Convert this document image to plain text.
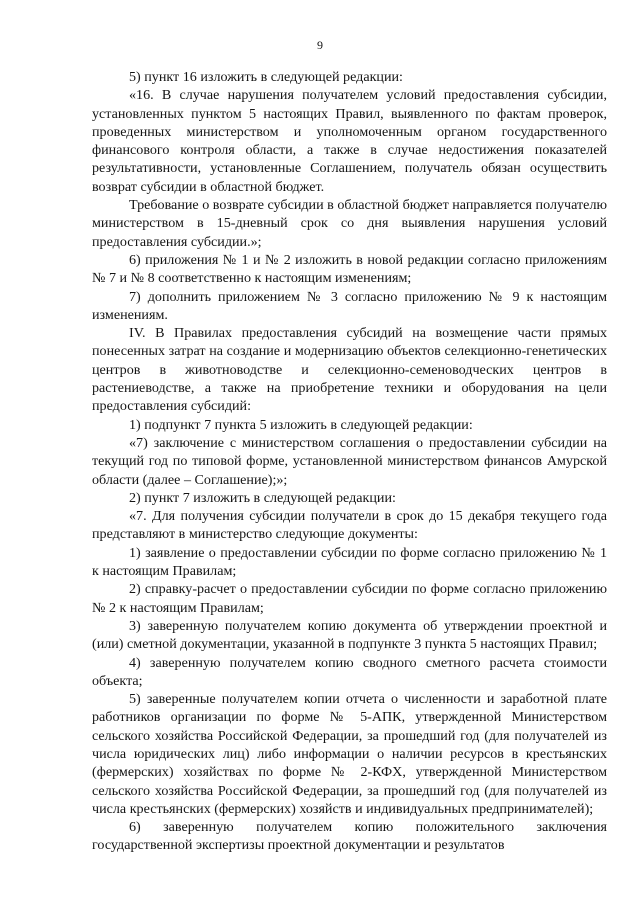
9

5) пункт 16 изложить в следующей редакции:

«16. В случае нарушения получателем условий предоставления субсидии, установленных пунктом 5 настоящих Правил, выявленного по фактам проверок, проведенных министерством и уполномоченным органом государственного финансового контроля области, а также в случае недостижения показателей результативности, установленные Соглашением, получатель обязан осуществить возврат субсидии в областной бюджет.

Требование о возврате субсидии в областной бюджет направляется получателю министерством в 15-дневный срок со дня выявления нарушения условий предоставления субсидии.»;

6) приложения № 1 и № 2 изложить в новой редакции согласно приложениям № 7 и № 8 соответственно к настоящим изменениям;

7) дополнить приложением № 3 согласно приложению № 9 к настоящим изменениям.

IV. В Правилах предоставления субсидий на возмещение части прямых понесенных затрат на создание и модернизацию объектов селекционно-генетических центров в животноводстве и селекционно-семеноводческих центров в растениеводстве, а также на приобретение техники и оборудования на цели предоставления субсидий:

1) подпункт 7 пункта 5 изложить в следующей редакции:

«7) заключение с министерством соглашения о предоставлении субсидии на текущий год по типовой форме, установленной министерством финансов Амурской области (далее – Соглашение);»;

2) пункт 7 изложить в следующей редакции:

«7. Для получения субсидии получатели в срок до 15 декабря текущего года представляют в министерство следующие документы:

1) заявление о предоставлении субсидии по форме согласно приложению № 1 к настоящим Правилам;

2) справку-расчет о предоставлении субсидии по форме согласно приложению № 2 к настоящим Правилам;

3) заверенную получателем копию документа об утверждении проектной и (или) сметной документации, указанной в подпункте 3 пункта 5 настоящих Правил;

4) заверенную получателем копию сводного сметного расчета стоимости объекта;

5) заверенные получателем копии отчета о численности и заработной плате работников организации по форме № 5-АПК, утвержденной Министерством сельского хозяйства Российской Федерации, за прошедший год (для получателей из числа юридических лиц) либо информации о наличии ресурсов в крестьянских (фермерских) хозяйствах по форме № 2-КФХ, утвержденной Министерством сельского хозяйства Российской Федерации, за прошедший год (для получателей из числа крестьянских (фермерских) хозяйств и индивидуальных предпринимателей);

6) заверенную получателем копию положительного заключения государственной экспертизы проектной документации и результатов
